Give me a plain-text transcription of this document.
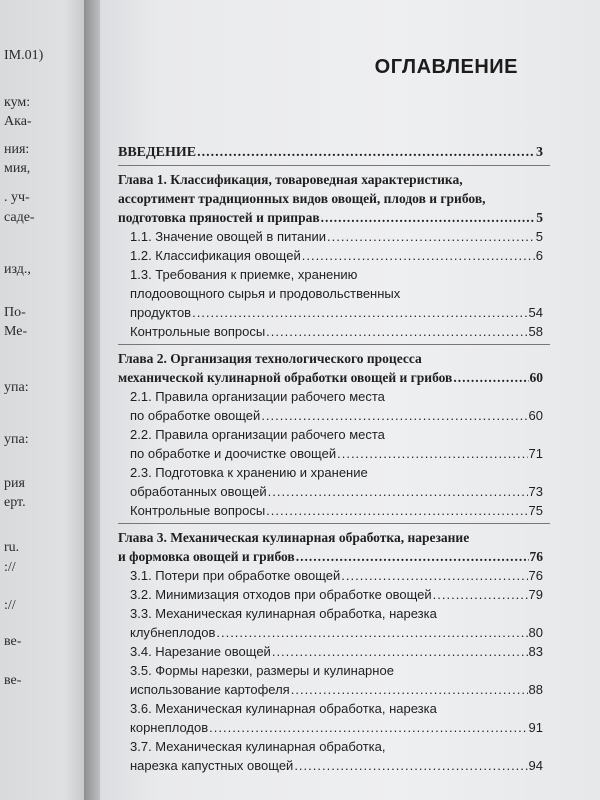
IM.01)
кум:
Ака-
ния:
мия,
. уч-
саде-
изд.,
По-
Ме-
упа:
упа:
рия
ерт.
ru.
://
://
ве-
ве-
ОГЛАВЛЕНИЕ
ВВЕДЕНИЕ .....	3
Глава 1. Классификация, товароведная характеристика,
ассортимент традиционных видов овощей, плодов и грибов,
подготовка пряностей и приправ .....	5
1.1. Значение овощей в питании .....	5
1.2. Классификация овощей .....	6
1.3. Требования к приемке, хранению
плодоовощного сырья и продовольственных
продуктов .....	54
Контрольные вопросы .....	58
Глава 2. Организация технологического процесса
механической кулинарной обработки овощей и грибов .....	60
2.1. Правила организации рабочего места
по обработке овощей .....	60
2.2. Правила организации рабочего места
по обработке и доочистке овощей .....	71
2.3. Подготовка к хранению и хранение
обработанных овощей .....	73
Контрольные вопросы .....	75
Глава 3. Механическая кулинарная обработка, нарезание
и формовка овощей и грибов .....	76
3.1. Потери при обработке овощей .....	76
3.2. Минимизация отходов при обработке овощей .....	79
3.3. Механическая кулинарная обработка, нарезка
клубнеплодов .....	80
3.4. Нарезание овощей .....	83
3.5. Формы нарезки, размеры и кулинарное
использование картофеля .....	88
3.6. Механическая кулинарная обработка, нарезка
корнеплодов .....	91
3.7. Механическая кулинарная обработка,
нарезка капустных овощей .....	94
